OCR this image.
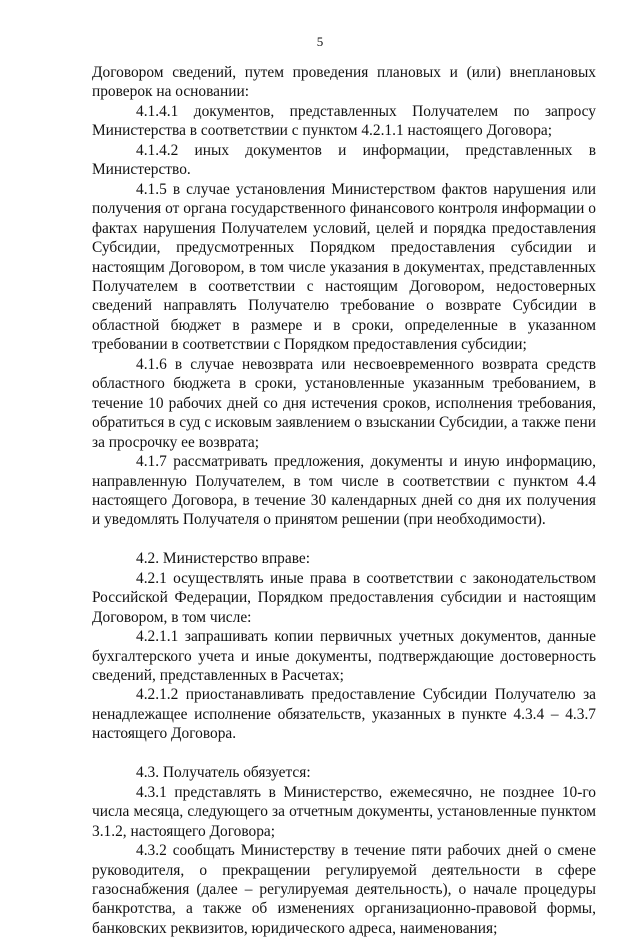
5

Договором сведений, путем проведения плановых и (или) внеплановых проверок на основании:

4.1.4.1 документов, представленных Получателем по запросу Министерства в соответствии с пунктом 4.2.1.1 настоящего Договора;

4.1.4.2 иных документов и информации, представленных в Министерство.

4.1.5 в случае установления Министерством фактов нарушения или получения от органа государственного финансового контроля информации о фактах нарушения Получателем условий, целей и порядка предоставления Субсидии, предусмотренных Порядком предоставления субсидии и настоящим Договором, в том числе указания в документах, представленных Получателем в соответствии с настоящим Договором, недостоверных сведений направлять Получателю требование о возврате Субсидии в областной бюджет в размере и в сроки, определенные в указанном требовании в соответствии с Порядком предоставления субсидии;

4.1.6 в случае невозврата или несвоевременного возврата средств областного бюджета в сроки, установленные указанным требованием, в течение 10 рабочих дней со дня истечения сроков, исполнения требования, обратиться в суд с исковым заявлением о взыскании Субсидии, а также пени за просрочку ее возврата;

4.1.7 рассматривать предложения, документы и иную информацию, направленную Получателем, в том числе в соответствии с пунктом 4.4 настоящего Договора, в течение 30 календарных дней со дня их получения и уведомлять Получателя о принятом решении (при необходимости).

4.2. Министерство вправе:

4.2.1 осуществлять иные права в соответствии с законодательством Российской Федерации, Порядком предоставления субсидии и настоящим Договором, в том числе:

4.2.1.1 запрашивать копии первичных учетных документов, данные бухгалтерского учета и иные документы, подтверждающие достоверность сведений, представленных в Расчетах;

4.2.1.2 приостанавливать предоставление Субсидии Получателю за ненадлежащее исполнение обязательств, указанных в пункте 4.3.4 – 4.3.7 настоящего Договора.

4.3. Получатель обязуется:

4.3.1 представлять в Министерство, ежемесячно, не позднее 10-го числа месяца, следующего за отчетным документы, установленные пунктом 3.1.2, настоящего Договора;

4.3.2 сообщать Министерству в течение пяти рабочих дней о смене руководителя, о прекращении регулируемой деятельности в сфере газоснабжения (далее – регулируемая деятельность), о начале процедуры банкротства, а также об изменениях организационно-правовой формы, банковских реквизитов, юридического адреса, наименования;
